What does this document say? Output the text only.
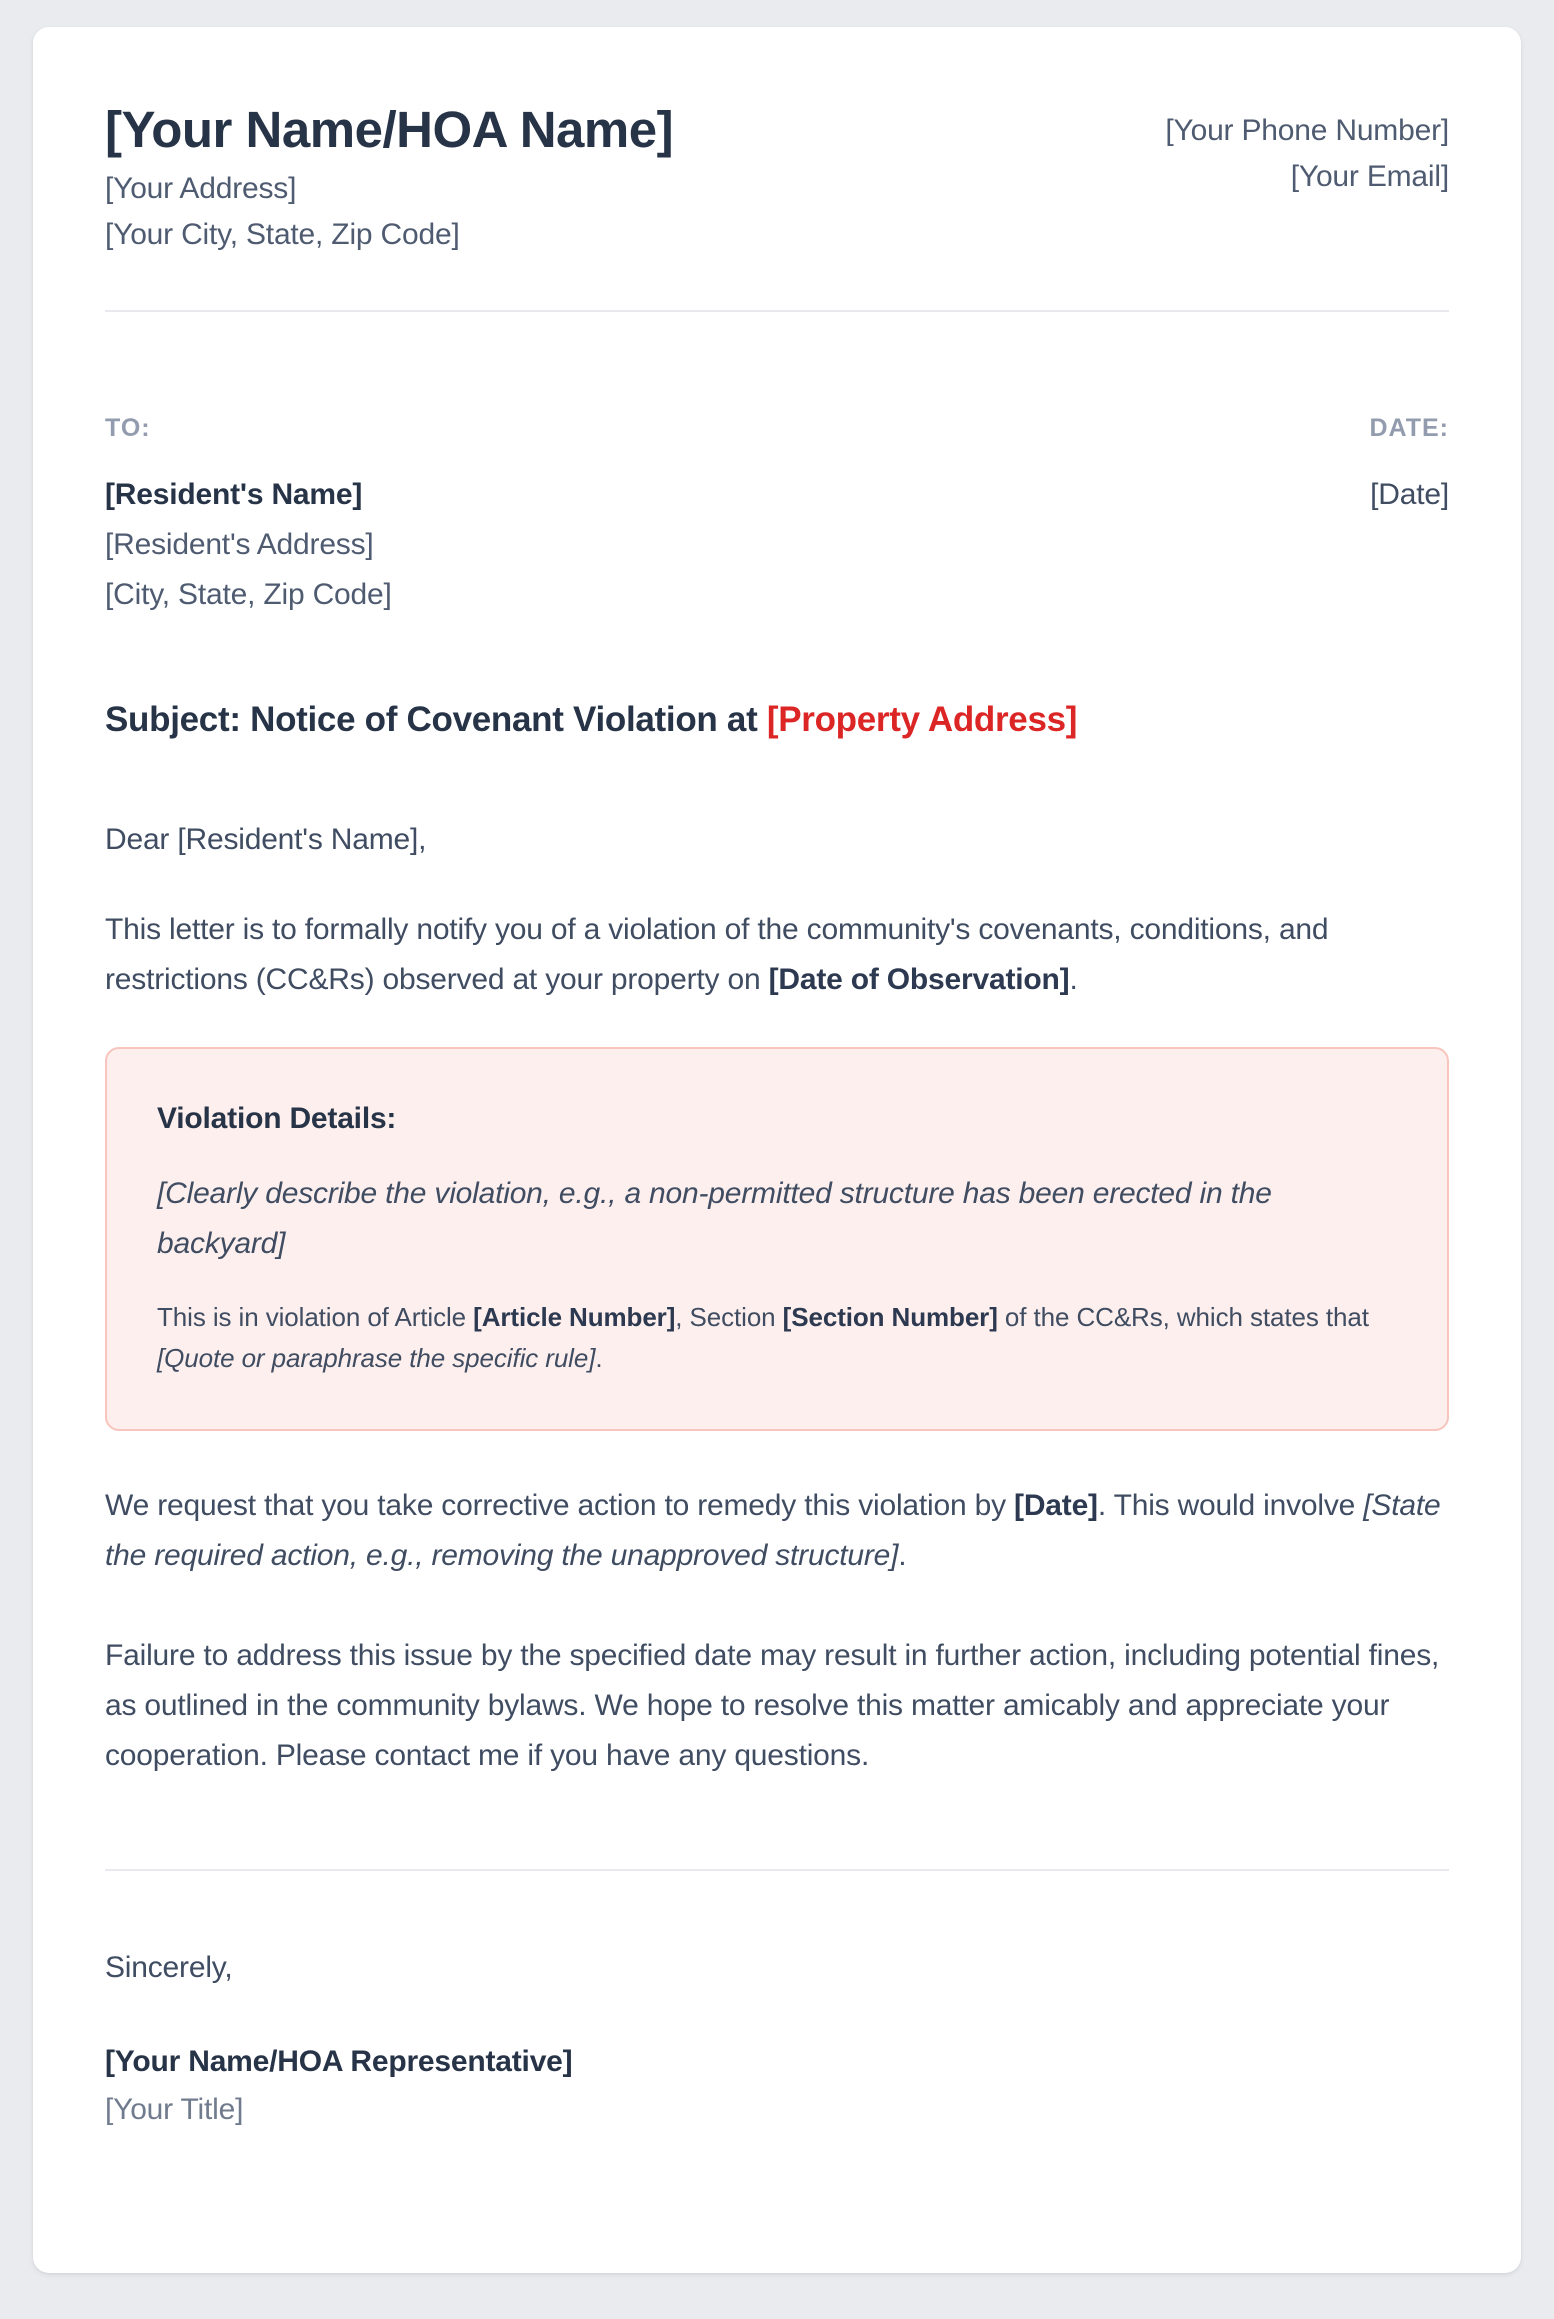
[Your Name/HOA Name]
[Your Address]
[Your City, State, Zip Code]
[Your Phone Number]
[Your Email]
TO:
[Resident's Name]
[Resident's Address]
[City, State, Zip Code]
DATE:
[Date]
Subject: Notice of Covenant Violation at [Property Address]

Dear [Resident's Name],

This letter is to formally notify you of a violation of the community's covenants, conditions, and restrictions (CC&Rs) observed at your property on [Date of Observation].

Violation Details:

[Clearly describe the violation, e.g., a non-permitted structure has been erected in the backyard]

This is in violation of Article [Article Number], Section [Section Number] of the CC&Rs, which states that [Quote or paraphrase the specific rule].

We request that you take corrective action to remedy this violation by [Date]. This would involve [State the required action, e.g., removing the unapproved structure].

Failure to address this issue by the specified date may result in further action, including potential fines, as outlined in the community bylaws. We hope to resolve this matter amicably and appreciate your cooperation. Please contact me if you have any questions.

Sincerely,

[Your Name/HOA Representative]
[Your Title]
